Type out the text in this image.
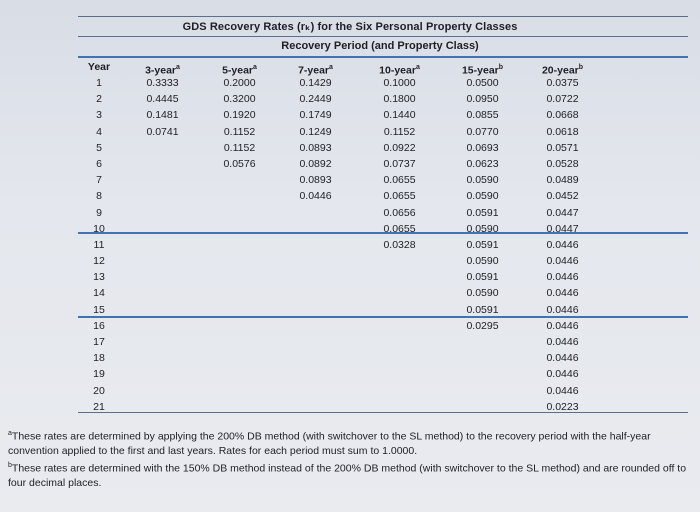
GDS Recovery Rates (rₖ) for the Six Personal Property Classes
Recovery Period (and Property Class)
Year
1
2
3
4
5
6
7
8
9
10
11
12
13
14
15
16
17
18
19
20
21
3-year$^a$
0.3333
0.4445
0.1481
0.0741
5-year$^a$
0.2000
0.3200
0.1920
0.1152
0.1152
0.0576
7-year$^a$
0.1429
0.2449
0.1749
0.1249
0.0893
0.0892
0.0893
0.0446
10-year$^a$
0.1000
0.1800
0.1440
0.1152
0.0922
0.0737
0.0655
0.0655
0.0656
0.0655
0.0328
15-year$^b$
0.0500
0.0950
0.0855
0.0770
0.0693
0.0623
0.0590
0.0590
0.0591
0.0590
0.0591
0.0590
0.0591
0.0590
0.0591
0.0295
20-year$^b$
0.0375
0.0722
0.0668
0.0618
0.0571
0.0528
0.0489
0.0452
0.0447
0.0447
0.0446
0.0446
0.0446
0.0446
0.0446
0.0446
0.0446
0.0446
0.0446
0.0446
0.0223
$^a$These rates are determined by applying the 200% DB method (with switchover to the SL method) to the recovery period with the half-year convention applied to the first and last years. Rates for each period must sum to 1.0000.
$^b$These rates are determined with the 150% DB method instead of the 200% DB method (with switchover to the SL method) and are rounded off to four decimal places.
